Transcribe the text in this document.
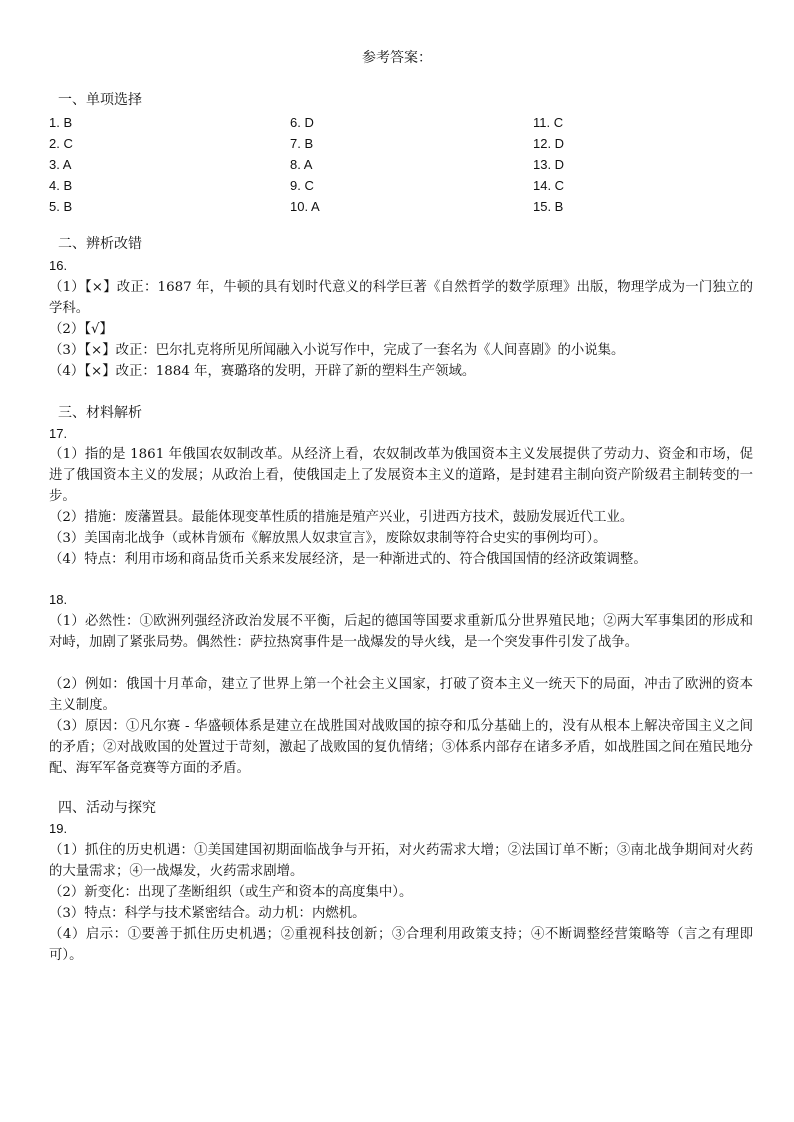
参考答案：
一、单项选择
1. B	6. D	11. C
2. C	7. B	12. D
3. A	8. A	13. D
4. B	9. C	14. C
5. B	10. A	15. B
二、辨析改错
16.

（1）【×】改正：1687 年，牛顿的具有划时代意义的科学巨著《自然哲学的数学原理》出版，物理学成为一门独立的学科。

（2）【√】

（3）【×】改正：巴尔扎克将所见所闻融入小说写作中，完成了一套名为《人间喜剧》的小说集。

（4）【×】改正：1884 年，赛璐珞的发明，开辟了新的塑料生产领域。

三、材料解析
17.

（1）指的是 1861 年俄国农奴制改革。从经济上看，农奴制改革为俄国资本主义发展提供了劳动力、资金和市场，促进了俄国资本主义的发展；从政治上看，使俄国走上了发展资本主义的道路，是封建君主制向资产阶级君主制转变的一步。

（2）措施：废藩置县。最能体现变革性质的措施是殖产兴业，引进西方技术，鼓励发展近代工业。

（3）美国南北战争（或林肯颁布《解放黑人奴隶宣言》，废除奴隶制等符合史实的事例均可）。

（4）特点：利用市场和商品货币关系来发展经济，是一种渐进式的、符合俄国国情的经济政策调整。

18.

（1）必然性：①欧洲列强经济政治发展不平衡，后起的德国等国要求重新瓜分世界殖民地；②两大军事集团的形成和对峙，加剧了紧张局势。偶然性：萨拉热窝事件是一战爆发的导火线，是一个突发事件引发了战争。

（2）例如：俄国十月革命，建立了世界上第一个社会主义国家，打破了资本主义一统天下的局面，冲击了欧洲的资本主义制度。

（3）原因：①凡尔赛 - 华盛顿体系是建立在战胜国对战败国的掠夺和瓜分基础上的，没有从根本上解决帝国主义之间的矛盾；②对战败国的处置过于苛刻，激起了战败国的复仇情绪；③体系内部存在诸多矛盾，如战胜国之间在殖民地分配、海军军备竞赛等方面的矛盾。

四、活动与探究
19.

（1）抓住的历史机遇：①美国建国初期面临战争与开拓，对火药需求大增；②法国订单不断；③南北战争期间对火药的大量需求；④一战爆发，火药需求剧增。

（2）新变化：出现了垄断组织（或生产和资本的高度集中）。

（3）特点：科学与技术紧密结合。动力机：内燃机。

（4）启示：①要善于抓住历史机遇；②重视科技创新；③合理利用政策支持；④不断调整经营策略等（言之有理即可）。
